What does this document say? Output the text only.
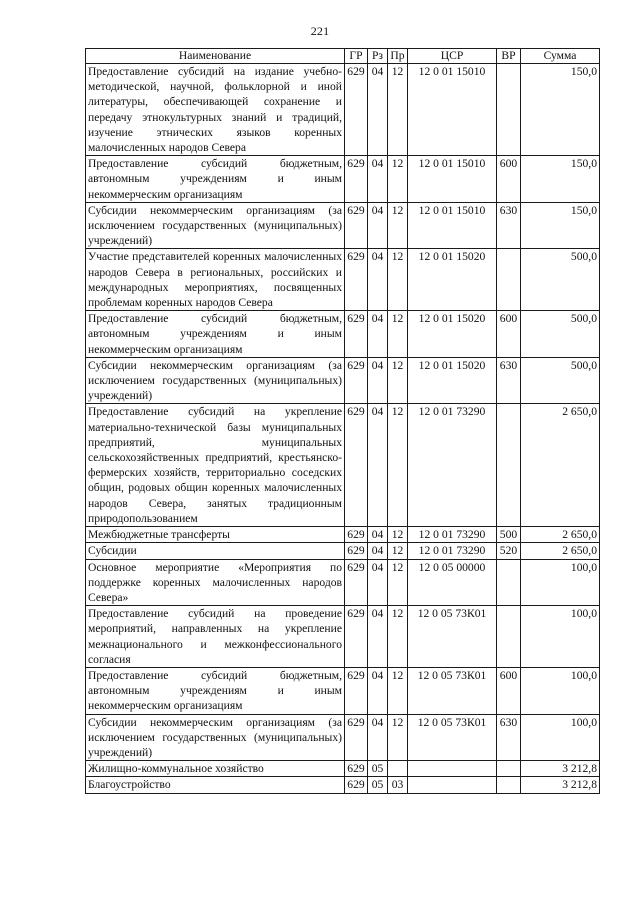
221
Наименование	ГР	Рз	Пр	ЦСР	ВР	Сумма
Предоставление субсидий на издание учебно-методической, научной, фольклорной и иной литературы, обеспечивающей сохранение и передачу этнокультурных знаний и традиций, изучение этнических языков коренных малочисленных народов Севера	629	04	12	12 0 01 15010		150,0
Предоставление субсидий бюджетным, автономным учреждениям и иным некоммерческим организациям	629	04	12	12 0 01 15010	600	150,0
Субсидии некоммерческим организациям (за исключением государственных (муниципальных) учреждений)	629	04	12	12 0 01 15010	630	150,0
Участие представителей коренных малочисленных народов Севера в региональных, российских и международных мероприятиях, посвященных проблемам коренных народов Севера	629	04	12	12 0 01 15020		500,0
Предоставление субсидий бюджетным, автономным учреждениям и иным некоммерческим организациям	629	04	12	12 0 01 15020	600	500,0
Субсидии некоммерческим организациям (за исключением государственных (муниципальных) учреждений)	629	04	12	12 0 01 15020	630	500,0
Предоставление субсидий на укрепление материально-технической базы муниципальных предприятий, муниципальных сельскохозяйственных предприятий, крестьянско-фермерских хозяйств, территориально соседских общин, родовых общин коренных малочисленных народов Севера, занятых традиционным природопользованием	629	04	12	12 0 01 73290		2 650,0
Межбюджетные трансферты	629	04	12	12 0 01 73290	500	2 650,0
Субсидии	629	04	12	12 0 01 73290	520	2 650,0
Основное мероприятие «Мероприятия по поддержке коренных малочисленных народов Севера»	629	04	12	12 0 05 00000		100,0
Предоставление субсидий на проведение мероприятий, направленных на укрепление межнационального и межконфессионального согласия	629	04	12	12 0 05 73К01		100,0
Предоставление субсидий бюджетным, автономным учреждениям и иным некоммерческим организациям	629	04	12	12 0 05 73К01	600	100,0
Субсидии некоммерческим организациям (за исключением государственных (муниципальных) учреждений)	629	04	12	12 0 05 73К01	630	100,0
Жилищно-коммунальное хозяйство	629	05				3 212,8
Благоустройство	629	05	03			3 212,8
